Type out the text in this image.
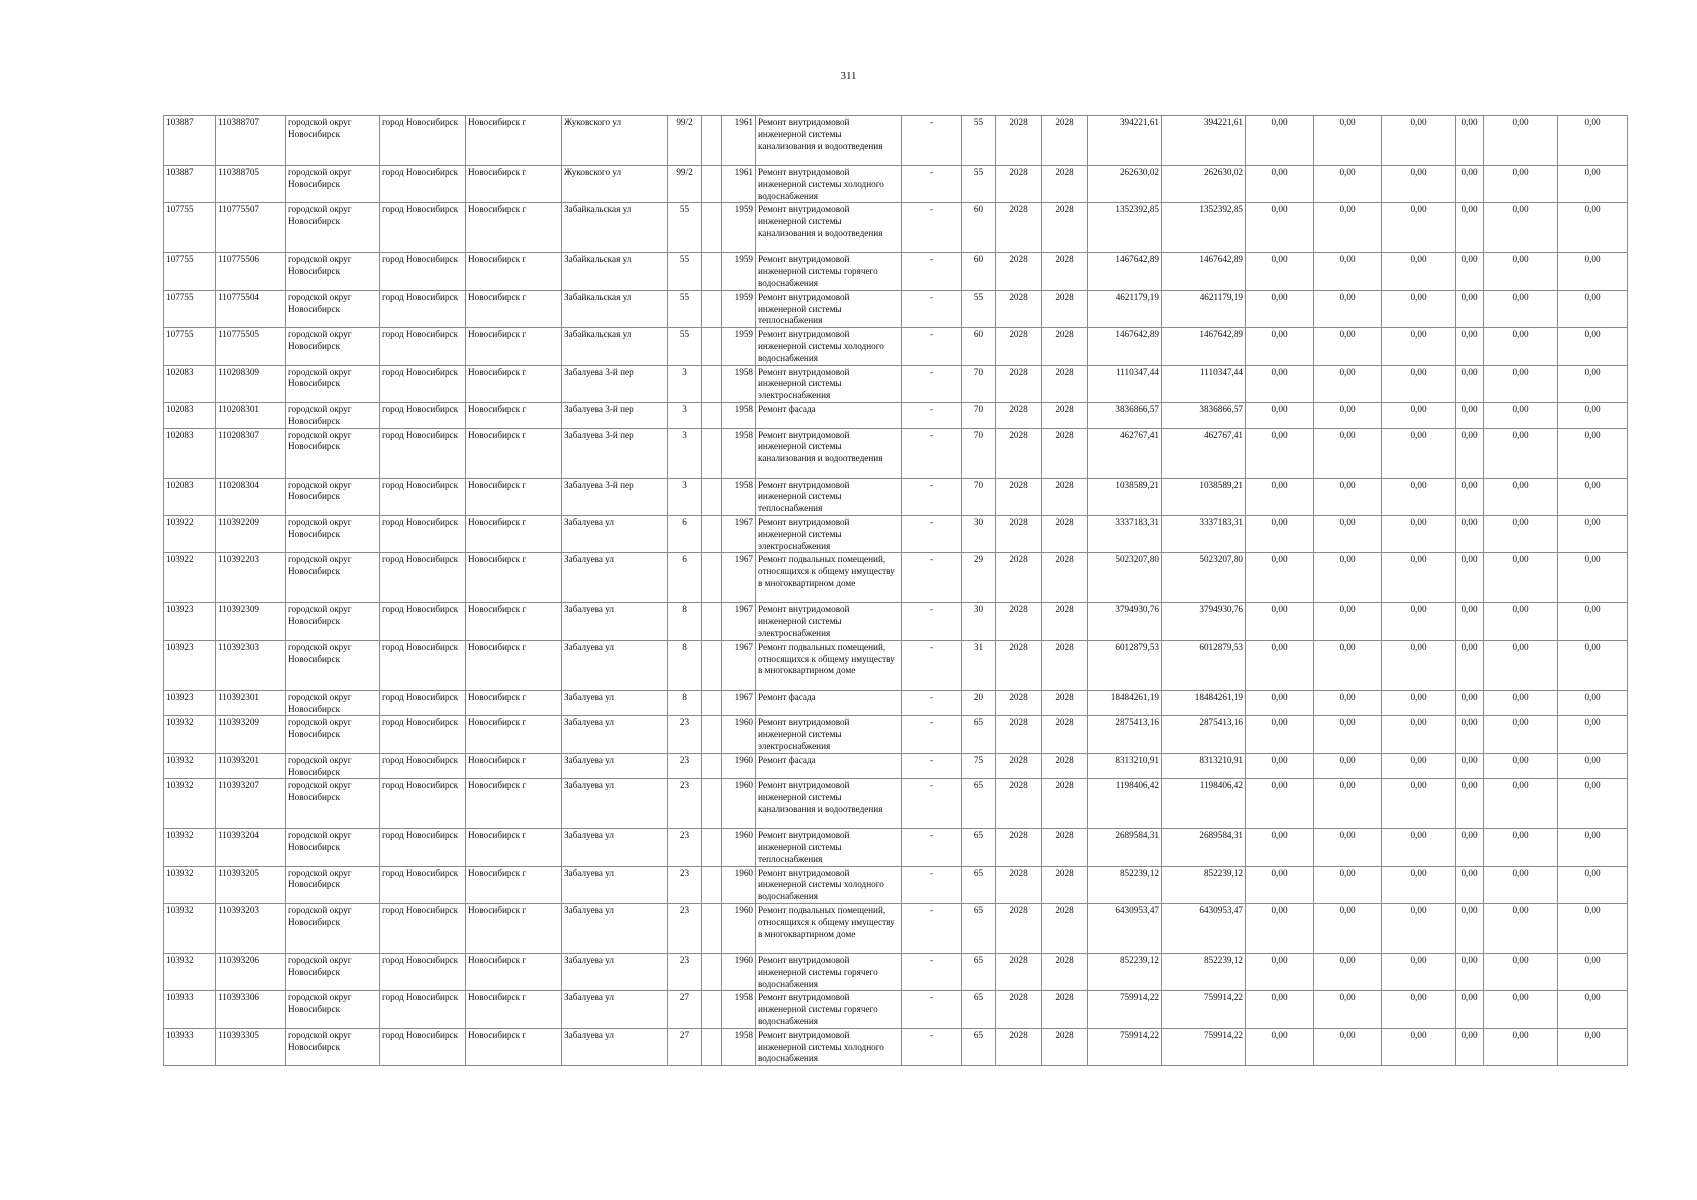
311
103887	110388707	городской округ Новосибирск	город Новосибирск	Новосибирск г	Жуковского ул	99/2		1961	Ремонт внутридомовой инженерной системы канализования и водоотведения	-	55	2028	2028	394221,61	394221,61	0,00	0,00	0,00	0,00	0,00	0,00
103887	110388705	городской округ Новосибирск	город Новосибирск	Новосибирск г	Жуковского ул	99/2		1961	Ремонт внутридомовой инженерной системы холодного водоснабжения	-	55	2028	2028	262630,02	262630,02	0,00	0,00	0,00	0,00	0,00	0,00
107755	110775507	городской округ Новосибирск	город Новосибирск	Новосибирск г	Забайкальская ул	55		1959	Ремонт внутридомовой инженерной системы канализования и водоотведения	-	60	2028	2028	1352392,85	1352392,85	0,00	0,00	0,00	0,00	0,00	0,00
107755	110775506	городской округ Новосибирск	город Новосибирск	Новосибирск г	Забайкальская ул	55		1959	Ремонт внутридомовой инженерной системы горячего водоснабжения	-	60	2028	2028	1467642,89	1467642,89	0,00	0,00	0,00	0,00	0,00	0,00
107755	110775504	городской округ Новосибирск	город Новосибирск	Новосибирск г	Забайкальская ул	55		1959	Ремонт внутридомовой инженерной системы теплоснабжения	-	55	2028	2028	4621179,19	4621179,19	0,00	0,00	0,00	0,00	0,00	0,00
107755	110775505	городской округ Новосибирск	город Новосибирск	Новосибирск г	Забайкальская ул	55		1959	Ремонт внутридомовой инженерной системы холодного водоснабжения	-	60	2028	2028	1467642,89	1467642,89	0,00	0,00	0,00	0,00	0,00	0,00
102083	110208309	городской округ Новосибирск	город Новосибирск	Новосибирск г	Забалуева 3-й пер	3		1958	Ремонт внутридомовой инженерной системы электроснабжения	-	70	2028	2028	1110347,44	1110347,44	0,00	0,00	0,00	0,00	0,00	0,00
102083	110208301	городской округ Новосибирск	город Новосибирск	Новосибирск г	Забалуева 3-й пер	3		1958	Ремонт фасада	-	70	2028	2028	3836866,57	3836866,57	0,00	0,00	0,00	0,00	0,00	0,00
102083	110208307	городской округ Новосибирск	город Новосибирск	Новосибирск г	Забалуева 3-й пер	3		1958	Ремонт внутридомовой инженерной системы канализования и водоотведения	-	70	2028	2028	462767,41	462767,41	0,00	0,00	0,00	0,00	0,00	0,00
102083	110208304	городской округ Новосибирск	город Новосибирск	Новосибирск г	Забалуева 3-й пер	3		1958	Ремонт внутридомовой инженерной системы теплоснабжения	-	70	2028	2028	1038589,21	1038589,21	0,00	0,00	0,00	0,00	0,00	0,00
103922	110392209	городской округ Новосибирск	город Новосибирск	Новосибирск г	Забалуева ул	6		1967	Ремонт внутридомовой инженерной системы электроснабжения	-	30	2028	2028	3337183,31	3337183,31	0,00	0,00	0,00	0,00	0,00	0,00
103922	110392203	городской округ Новосибирск	город Новосибирск	Новосибирск г	Забалуева ул	6		1967	Ремонт подвальных помещений, относящихся к общему имуществу в многоквартирном доме	-	29	2028	2028	5023207,80	5023207,80	0,00	0,00	0,00	0,00	0,00	0,00
103923	110392309	городской округ Новосибирск	город Новосибирск	Новосибирск г	Забалуева ул	8		1967	Ремонт внутридомовой инженерной системы электроснабжения	-	30	2028	2028	3794930,76	3794930,76	0,00	0,00	0,00	0,00	0,00	0,00
103923	110392303	городской округ Новосибирск	город Новосибирск	Новосибирск г	Забалуева ул	8		1967	Ремонт подвальных помещений, относящихся к общему имуществу в многоквартирном доме	-	31	2028	2028	6012879,53	6012879,53	0,00	0,00	0,00	0,00	0,00	0,00
103923	110392301	городской округ Новосибирск	город Новосибирск	Новосибирск г	Забалуева ул	8		1967	Ремонт фасада	-	20	2028	2028	18484261,19	18484261,19	0,00	0,00	0,00	0,00	0,00	0,00
103932	110393209	городской округ Новосибирск	город Новосибирск	Новосибирск г	Забалуева ул	23		1960	Ремонт внутридомовой инженерной системы электроснабжения	-	65	2028	2028	2875413,16	2875413,16	0,00	0,00	0,00	0,00	0,00	0,00
103932	110393201	городской округ Новосибирск	город Новосибирск	Новосибирск г	Забалуева ул	23		1960	Ремонт фасада	-	75	2028	2028	8313210,91	8313210,91	0,00	0,00	0,00	0,00	0,00	0,00
103932	110393207	городской округ Новосибирск	город Новосибирск	Новосибирск г	Забалуева ул	23		1960	Ремонт внутридомовой инженерной системы канализования и водоотведения	-	65	2028	2028	1198406,42	1198406,42	0,00	0,00	0,00	0,00	0,00	0,00
103932	110393204	городской округ Новосибирск	город Новосибирск	Новосибирск г	Забалуева ул	23		1960	Ремонт внутридомовой инженерной системы теплоснабжения	-	65	2028	2028	2689584,31	2689584,31	0,00	0,00	0,00	0,00	0,00	0,00
103932	110393205	городской округ Новосибирск	город Новосибирск	Новосибирск г	Забалуева ул	23		1960	Ремонт внутридомовой инженерной системы холодного водоснабжения	-	65	2028	2028	852239,12	852239,12	0,00	0,00	0,00	0,00	0,00	0,00
103932	110393203	городской округ Новосибирск	город Новосибирск	Новосибирск г	Забалуева ул	23		1960	Ремонт подвальных помещений, относящихся к общему имуществу в многоквартирном доме	-	65	2028	2028	6430953,47	6430953,47	0,00	0,00	0,00	0,00	0,00	0,00
103932	110393206	городской округ Новосибирск	город Новосибирск	Новосибирск г	Забалуева ул	23		1960	Ремонт внутридомовой инженерной системы горячего водоснабжения	-	65	2028	2028	852239,12	852239,12	0,00	0,00	0,00	0,00	0,00	0,00
103933	110393306	городской округ Новосибирск	город Новосибирск	Новосибирск г	Забалуева ул	27		1958	Ремонт внутридомовой инженерной системы горячего водоснабжения	-	65	2028	2028	759914,22	759914,22	0,00	0,00	0,00	0,00	0,00	0,00
103933	110393305	городской округ Новосибирск	город Новосибирск	Новосибирск г	Забалуева ул	27		1958	Ремонт внутридомовой инженерной системы холодного водоснабжения	-	65	2028	2028	759914,22	759914,22	0,00	0,00	0,00	0,00	0,00	0,00
